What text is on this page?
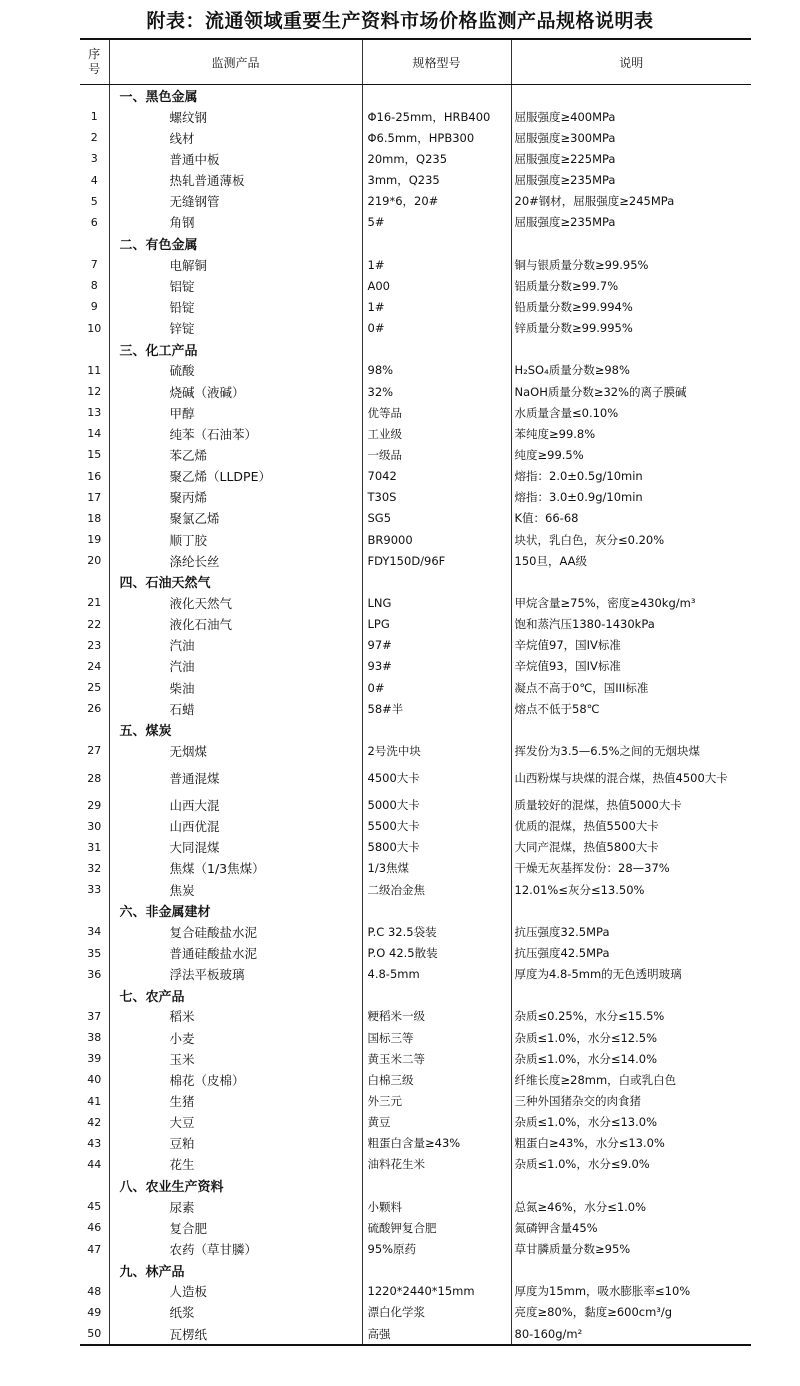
附表：流通领域重要生产资料市场价格监测产品规格说明表
序
号	监测产品	规格型号	说明
	一、黑色金属		
1	螺纹钢	Φ16-25mm，HRB400	屈服强度≥400MPa
2	线材	Φ6.5mm，HPB300	屈服强度≥300MPa
3	普通中板	20mm，Q235	屈服强度≥225MPa
4	热轧普通薄板	3mm，Q235	屈服强度≥235MPa
5	无缝钢管	219*6，20#	20#钢材，屈服强度≥245MPa
6	角钢	5#	屈服强度≥235MPa
	二、有色金属		
7	电解铜	1#	铜与银质量分数≥99.95%
8	铝锭	A00	铝质量分数≥99.7%
9	铅锭	1#	铅质量分数≥99.994%
10	锌锭	0#	锌质量分数≥99.995%
	三、化工产品		
11	硫酸	98%	H₂SO₄质量分数≥98%
12	烧碱（液碱）	32%	NaOH质量分数≥32%的离子膜碱
13	甲醇	优等品	水质量含量≤0.10%
14	纯苯（石油苯）	工业级	苯纯度≥99.8%
15	苯乙烯	一级品	纯度≥99.5%
16	聚乙烯（LLDPE）	7042	熔指：2.0±0.5g/10min
17	聚丙烯	T30S	熔指：3.0±0.9g/10min
18	聚氯乙烯	SG5	K值：66-68
19	顺丁胶	BR9000	块状，乳白色，灰分≤0.20%
20	涤纶长丝	FDY150D/96F	150旦，AA级
	四、石油天然气		
21	液化天然气	LNG	甲烷含量≥75%，密度≥430kg/m³
22	液化石油气	LPG	饱和蒸汽压1380-1430kPa
23	汽油	97#	辛烷值97，国IV标准
24	汽油	93#	辛烷值93，国IV标准
25	柴油	0#	凝点不高于0℃，国III标准
26	石蜡	58#半	熔点不低于58℃
	五、煤炭		
27	无烟煤	2号洗中块	挥发份为3.5—6.5%之间的无烟块煤
28	普通混煤	4500大卡	山西粉煤与块煤的混合煤，热值4500大卡
29	山西大混	5000大卡	质量较好的混煤，热值5000大卡
30	山西优混	5500大卡	优质的混煤，热值5500大卡
31	大同混煤	5800大卡	大同产混煤，热值5800大卡
32	焦煤（1/3焦煤）	1/3焦煤	干燥无灰基挥发份：28—37%
33	焦炭	二级冶金焦	12.01%≤灰分≤13.50%
	六、非金属建材		
34	复合硅酸盐水泥	P.C 32.5袋装	抗压强度32.5MPa
35	普通硅酸盐水泥	P.O 42.5散装	抗压强度42.5MPa
36	浮法平板玻璃	4.8-5mm	厚度为4.8-5mm的无色透明玻璃
	七、农产品		
37	稻米	粳稻米一级	杂质≤0.25%，水分≤15.5%
38	小麦	国标三等	杂质≤1.0%，水分≤12.5%
39	玉米	黄玉米二等	杂质≤1.0%，水分≤14.0%
40	棉花（皮棉）	白棉三级	纤维长度≥28mm，白或乳白色
41	生猪	外三元	三种外国猪杂交的肉食猪
42	大豆	黄豆	杂质≤1.0%，水分≤13.0%
43	豆粕	粗蛋白含量≥43%	粗蛋白≥43%，水分≤13.0%
44	花生	油料花生米	杂质≤1.0%，水分≤9.0%
	八、农业生产资料		
45	尿素	小颗料	总氮≥46%，水分≤1.0%
46	复合肥	硫酸钾复合肥	氮磷钾含量45%
47	农药（草甘膦）	95%原药	草甘膦质量分数≥95%
	九、林产品		
48	人造板	1220*2440*15mm	厚度为15mm，吸水膨胀率≤10%
49	纸浆	漂白化学浆	亮度≥80%，黏度≥600cm³/g
50	瓦楞纸	高强	80-160g/m²
